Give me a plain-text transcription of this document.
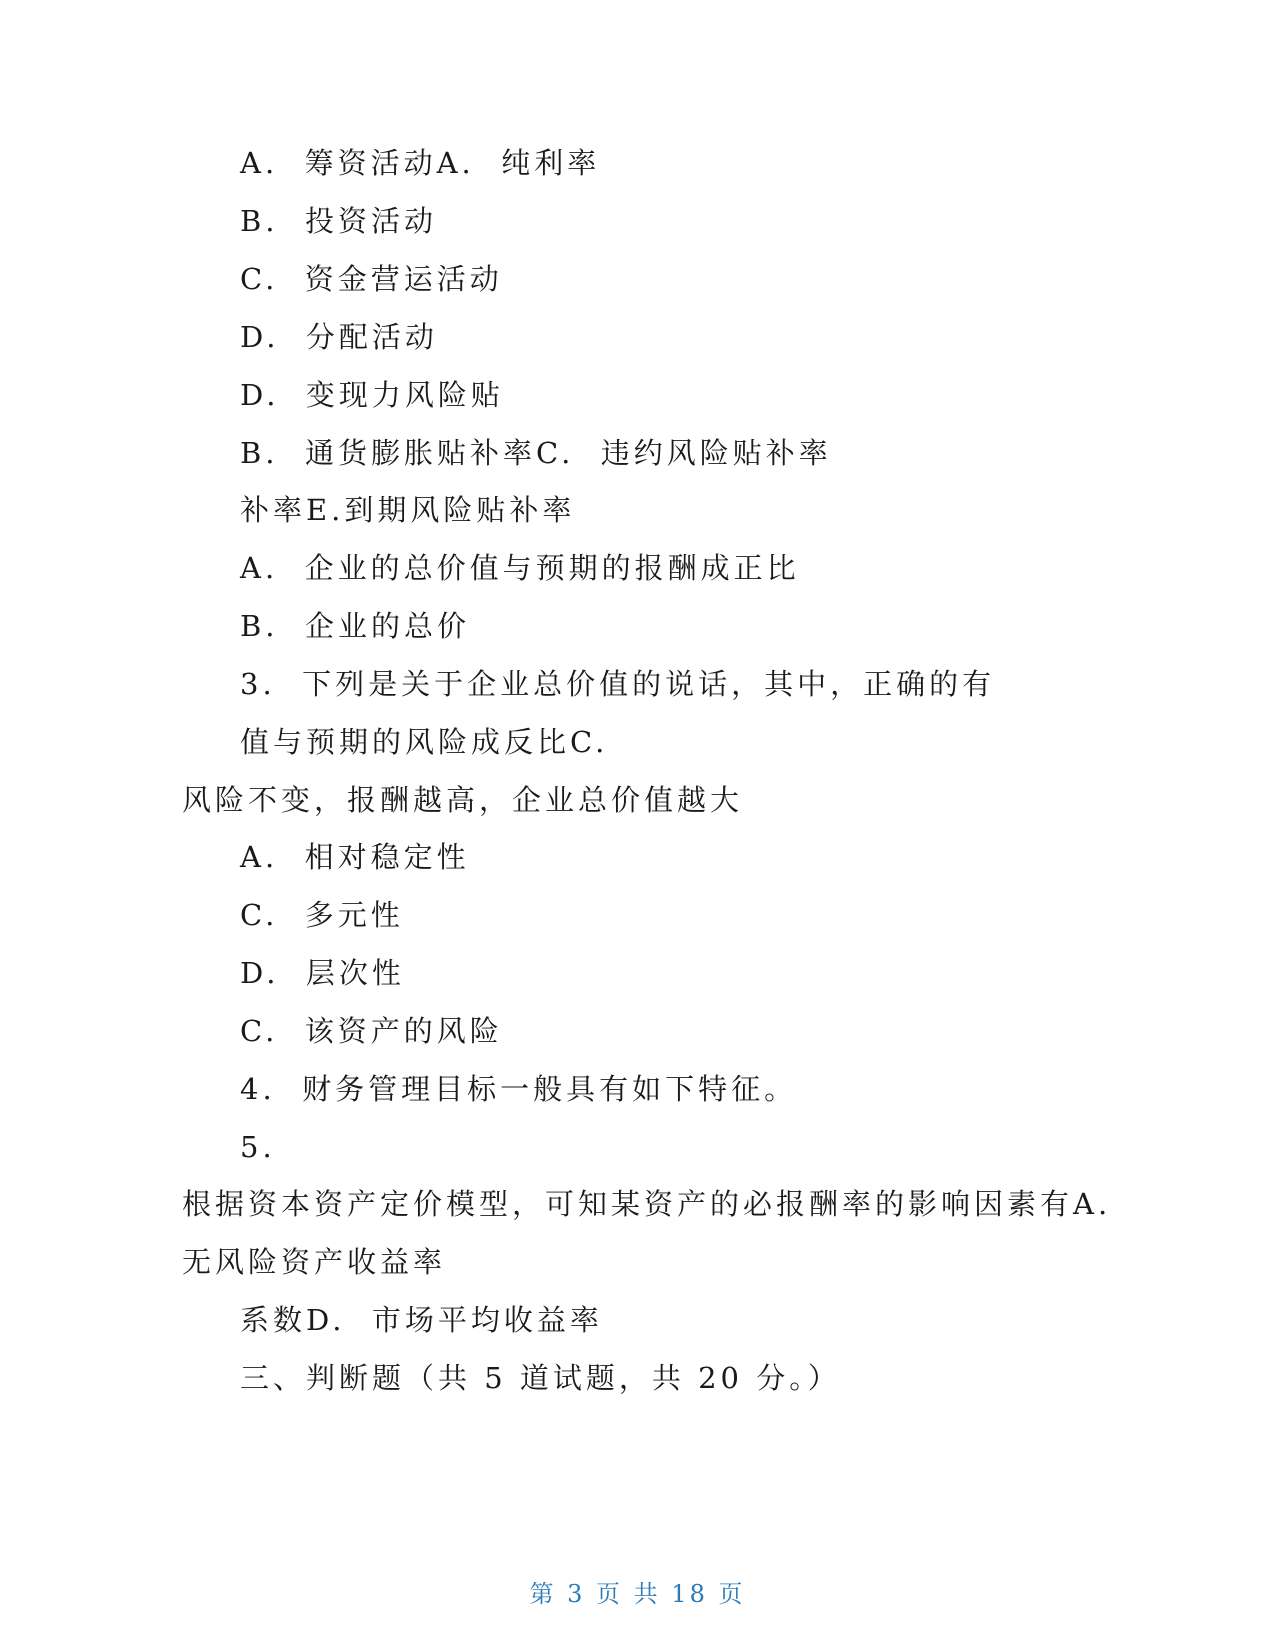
A.  筹资活动A.  纯利率
B.  投资活动
C.  资金营运活动
D.  分配活动
D.  变现力风险贴
B.  通货膨胀贴补率C.  违约风险贴补率
补率E.到期风险贴补率
A.  企业的总价值与预期的报酬成正比
B.  企业的总价
3.  下列是关于企业总价值的说话，其中，正确的有
值与预期的风险成反比C.
风险不变，报酬越高，企业总价值越大
A.  相对稳定性
C.  多元性
D.  层次性
C.  该资产的风险
4.  财务管理目标一般具有如下特征。
5.
根据资本资产定价模型，可知某资产的必报酬率的影响因素有A.
无风险资产收益率
系数D.  市场平均收益率
三、判断题（共 5 道试题，共 20 分。）
第 3 页 共 18 页
